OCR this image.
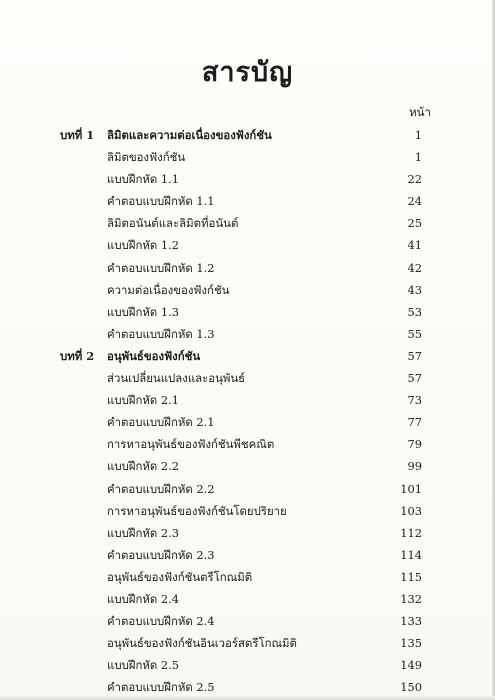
สารบัญ
หน้า
บทที่ 1 ลิมิตและความต่อเนื่องของฟังก์ชัน	1
ลิมิตของฟังก์ชัน	1
แบบฝึกหัด 1.1	22
คำตอบแบบฝึกหัด 1.1	24
ลิมิตอนันต์และลิมิตที่อนันต์	25
แบบฝึกหัด 1.2	41
คำตอบแบบฝึกหัด 1.2	42
ความต่อเนื่องของฟังก์ชัน	43
แบบฝึกหัด 1.3	53
คำตอบแบบฝึกหัด 1.3	55
บทที่ 2 อนุพันธ์ของฟังก์ชัน	57
ส่วนเปลี่ยนแปลงและอนุพันธ์	57
แบบฝึกหัด 2.1	73
คำตอบแบบฝึกหัด 2.1	77
การหาอนุพันธ์ของฟังก์ชันพีชคณิต	79
แบบฝึกหัด 2.2	99
คำตอบแบบฝึกหัด 2.2	101
การหาอนุพันธ์ของฟังก์ชันโดยปริยาย	103
แบบฝึกหัด 2.3	112
คำตอบแบบฝึกหัด 2.3	114
อนุพันธ์ของฟังก์ชันตรีโกณมิติ	115
แบบฝึกหัด 2.4	132
คำตอบแบบฝึกหัด 2.4	133
อนุพันธ์ของฟังก์ชันอินเวอร์สตรีโกณมิติ	135
แบบฝึกหัด 2.5	149
คำตอบแบบฝึกหัด 2.5	150
